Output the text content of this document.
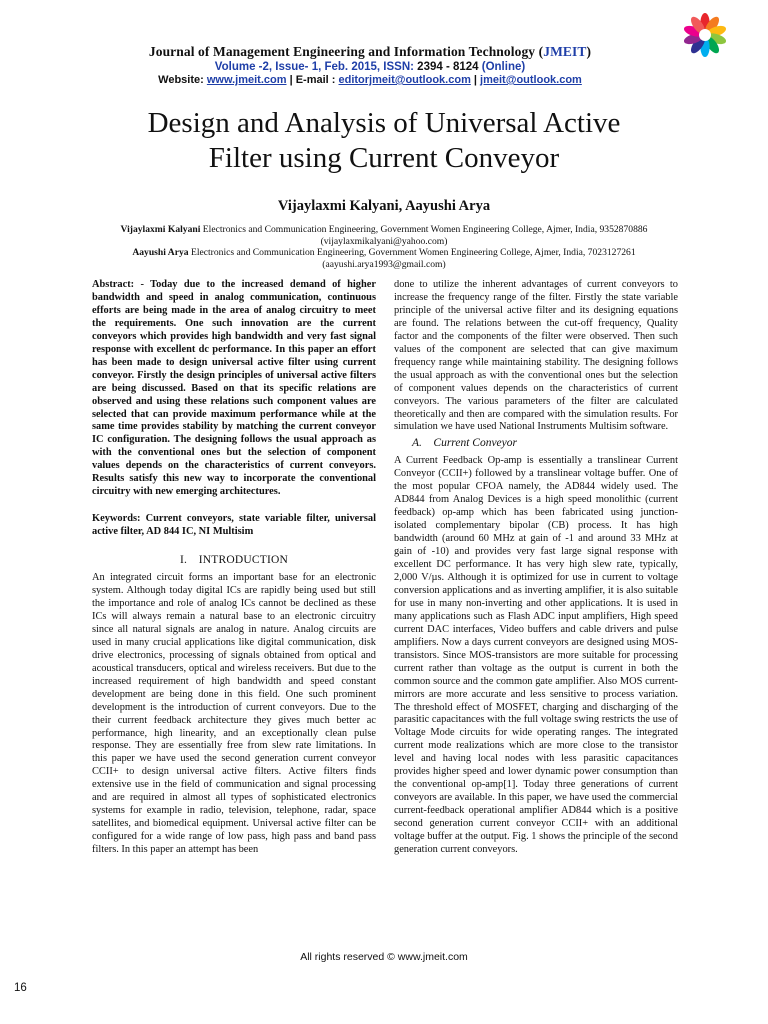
Journal of Management Engineering and Information Technology (JMEIT)
Volume -2, Issue- 1, Feb. 2015, ISSN: 2394 - 8124 (Online)
Website: www.jmeit.com | E-mail : editorjmeit@outlook.com | jmeit@outlook.com
Design and Analysis of Universal Active
Filter using Current Conveyor
Vijaylaxmi Kalyani, Aayushi Arya
Vijaylaxmi Kalyani Electronics and Communication Engineering, Government Women Engineering College, Ajmer, India, 9352870886
(vijaylaxmikalyani@yahoo.com)
Aayushi Arya Electronics and Communication Engineering, Government Women Engineering College, Ajmer, India, 7023127261
(aayushi.arya1993@gmail.com)

Abstract: - Today due to the increased demand of higher bandwidth and speed in analog communication, continuous efforts are being made in the area of analog circuitry to meet the requirements. One such innovation are the current conveyors which provides high bandwidth and very fast signal response with excellent dc performance. In this paper an effort has been made to design universal active filter using current conveyor. Firstly the design principles of universal active filters are being discussed. Based on that its specific relations are observed and using these relations such component values are selected that can provide maximum performance while at the same time provides stability by matching the current conveyor IC configuration. The designing follows the usual approach as with the conventional ones but the selection of component values depends on the characteristics of current conveyors. Results satisfy this new way to incorporate the conventional circuitry with new emerging architectures.

Keywords: Current conveyors, state variable filter, universal active filter, AD 844 IC, NI Multisim

I. INTRODUCTION

An integrated circuit forms an important base for an electronic system. Although today digital ICs are rapidly being used but still the importance and role of analog ICs cannot be declined as these ICs will always remain a natural base to an electronic circuitry since all natural signals are analog in nature. Analog circuits are used in many crucial applications like digital communication, disk drive electronics, processing of signals obtained from optical and acoustical transducers, optical and wireless receivers. But due to the increased requirement of high bandwidth and speed constant development are being done in this field. One such prominent development is the introduction of current conveyors. Due to the their current feedback architecture they gives much better ac performance, high linearity, and an exceptionally clean pulse response. They are essentially free from slew rate limitations. In this paper we have used the second generation current conveyor CCII+ to design universal active filters. Active filters finds extensive use in the field of communication and signal processing and are required in almost all types of sophisticated electronics systems for example in radio, television, telephone, radar, space satellites, and biomedical equipment. Universal active filter can be configured for a wide range of low pass, high pass and band pass filters. In this paper an attempt has been

done to utilize the inherent advantages of current conveyors to increase the frequency range of the filter. Firstly the state variable principle of the universal active filter and its designing equations are found. The relations between the cut-off frequency, Quality factor and the components of the filter were observed. Then such values of the component are selected that can give maximum frequency range while maintaining stability. The designing follows the usual approach as with the conventional ones but the selection of component values depends on the characteristics of current conveyors. The various parameters of the filter are calculated theoretically and then are compared with the simulation results. For simulation we have used National Instruments Multisim software.

A. Current Conveyor

A Current Feedback Op-amp is essentially a translinear Current Conveyor (CCII+) followed by a translinear voltage buffer. One of the most popular CFOA namely, the AD844 widely used. The AD844 from Analog Devices is a high speed monolithic (current feedback) op-amp which has been fabricated using junction- isolated complementary bipolar (CB) process. It has high bandwidth (around 60 MHz at gain of -1 and around 33 MHz at gain of -10) and provides very fast large signal response with excellent DC performance. It has very high slew rate, typically, 2,000 V/µs. Although it is optimized for use in current to voltage conversion applications and as inverting amplifier, it is also suitable for use in many non-inverting and other applications. It is used in many applications such as Flash ADC input amplifiers, High speed current DAC interfaces, Video buffers and cable drivers and pulse amplifiers. Now a days current conveyors are designed using MOS-transistors. Since MOS-transistors are more suitable for processing current rather than voltage as the output is current in both the common source and the common gate amplifier. Also MOS current-mirrors are more accurate and less sensitive to process variation. The threshold effect of MOSFET, charging and discharging of the parasitic capacitances with the full voltage swing restricts the use of Voltage Mode circuits for wide operating ranges. The integrated current mode realizations which are more close to the transistor level and having local nodes with less parasitic capacitances provides higher speed and lower dynamic power consumption than the conventional op-amp[1]. Today three generations of current conveyors are available. In this paper, we have used the commercial current-feedback operational amplifier AD844 which is a positive second generation current conveyor CCII+ with an additional voltage buffer at the output. Fig. 1 shows the principle of the second generation current conveyors.

All rights reserved © www.jmeit.com
16
